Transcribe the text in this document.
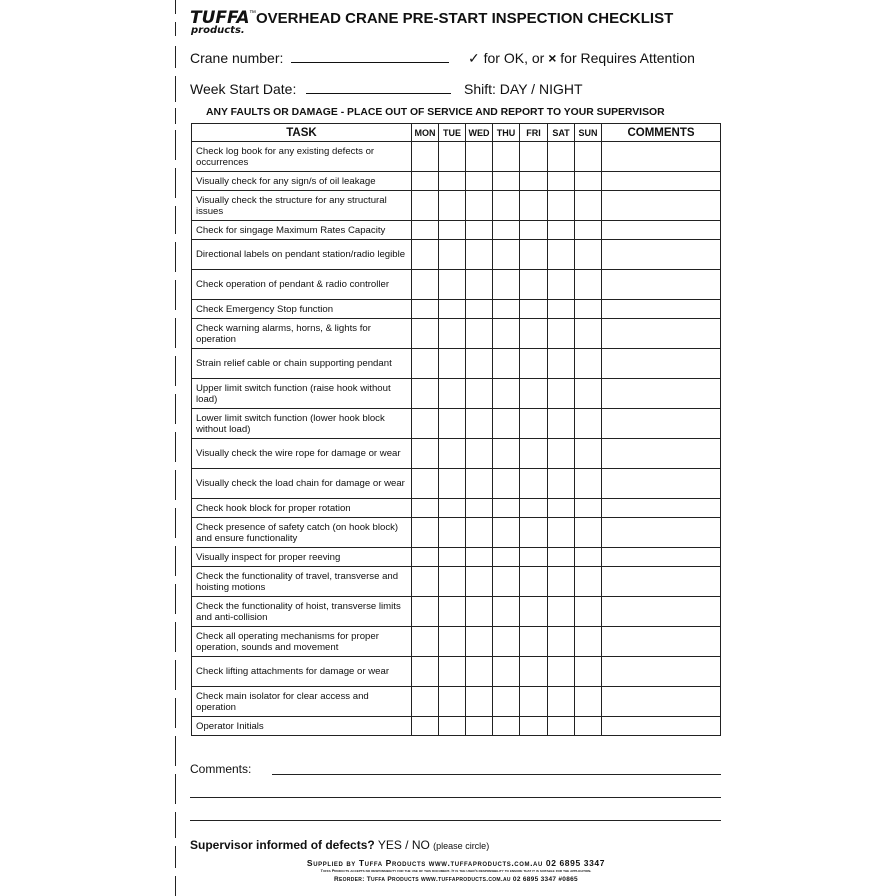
TUFFA
products.
™ OVERHEAD CRANE PRE-START INSPECTION CHECKLIST
Crane number:	✓ for OK, or × for Requires Attention
Week Start Date:	Shift: DAY / NIGHT
ANY FAULTS OR DAMAGE - PLACE OUT OF SERVICE AND REPORT TO YOUR SUPERVISOR
TASK	MON	TUE	WED	THU	FRI	SAT	SUN	COMMENTS
Check log book for any existing defects or occurrences								
Visually check for any sign/s of oil leakage								
Visually check the structure for any structural issues								
Check for singage Maximum Rates Capacity								
Directional labels on pendant station/radio legible								
Check operation of pendant & radio controller								
Check Emergency Stop function								
Check warning alarms, horns, & lights for operation								
Strain relief cable or chain supporting pendant								
Upper limit switch function (raise hook without load)								
Lower limit switch function (lower hook block without load)								
Visually check the wire rope for damage or wear								
Visually check the load chain for damage or wear								
Check hook block for proper rotation								
Check presence of safety catch (on hook block) and ensure functionality								
Visually inspect for proper reeving								
Check the functionality of travel, transverse and hoisting motions								
Check the functionality of hoist, transverse limits and anti-collision								
Check all operating mechanisms for proper operation, sounds and movement								
Check lifting attachments for damage or wear								
Check main isolator for clear access and operation								
Operator Initials								
Comments:
Supervisor informed of defects? YES / NO (please circle)
Supplied by Tuffa Products www.tuffaproducts.com.au 02 6895 3347
Tuffa Products accepts no responsibility for the use of this document. It is the user's responsibility to ensure that it is suitable for the application.
Reorder: Tuffa Products www.tuffaproducts.com.au 02 6895 3347 #0865
